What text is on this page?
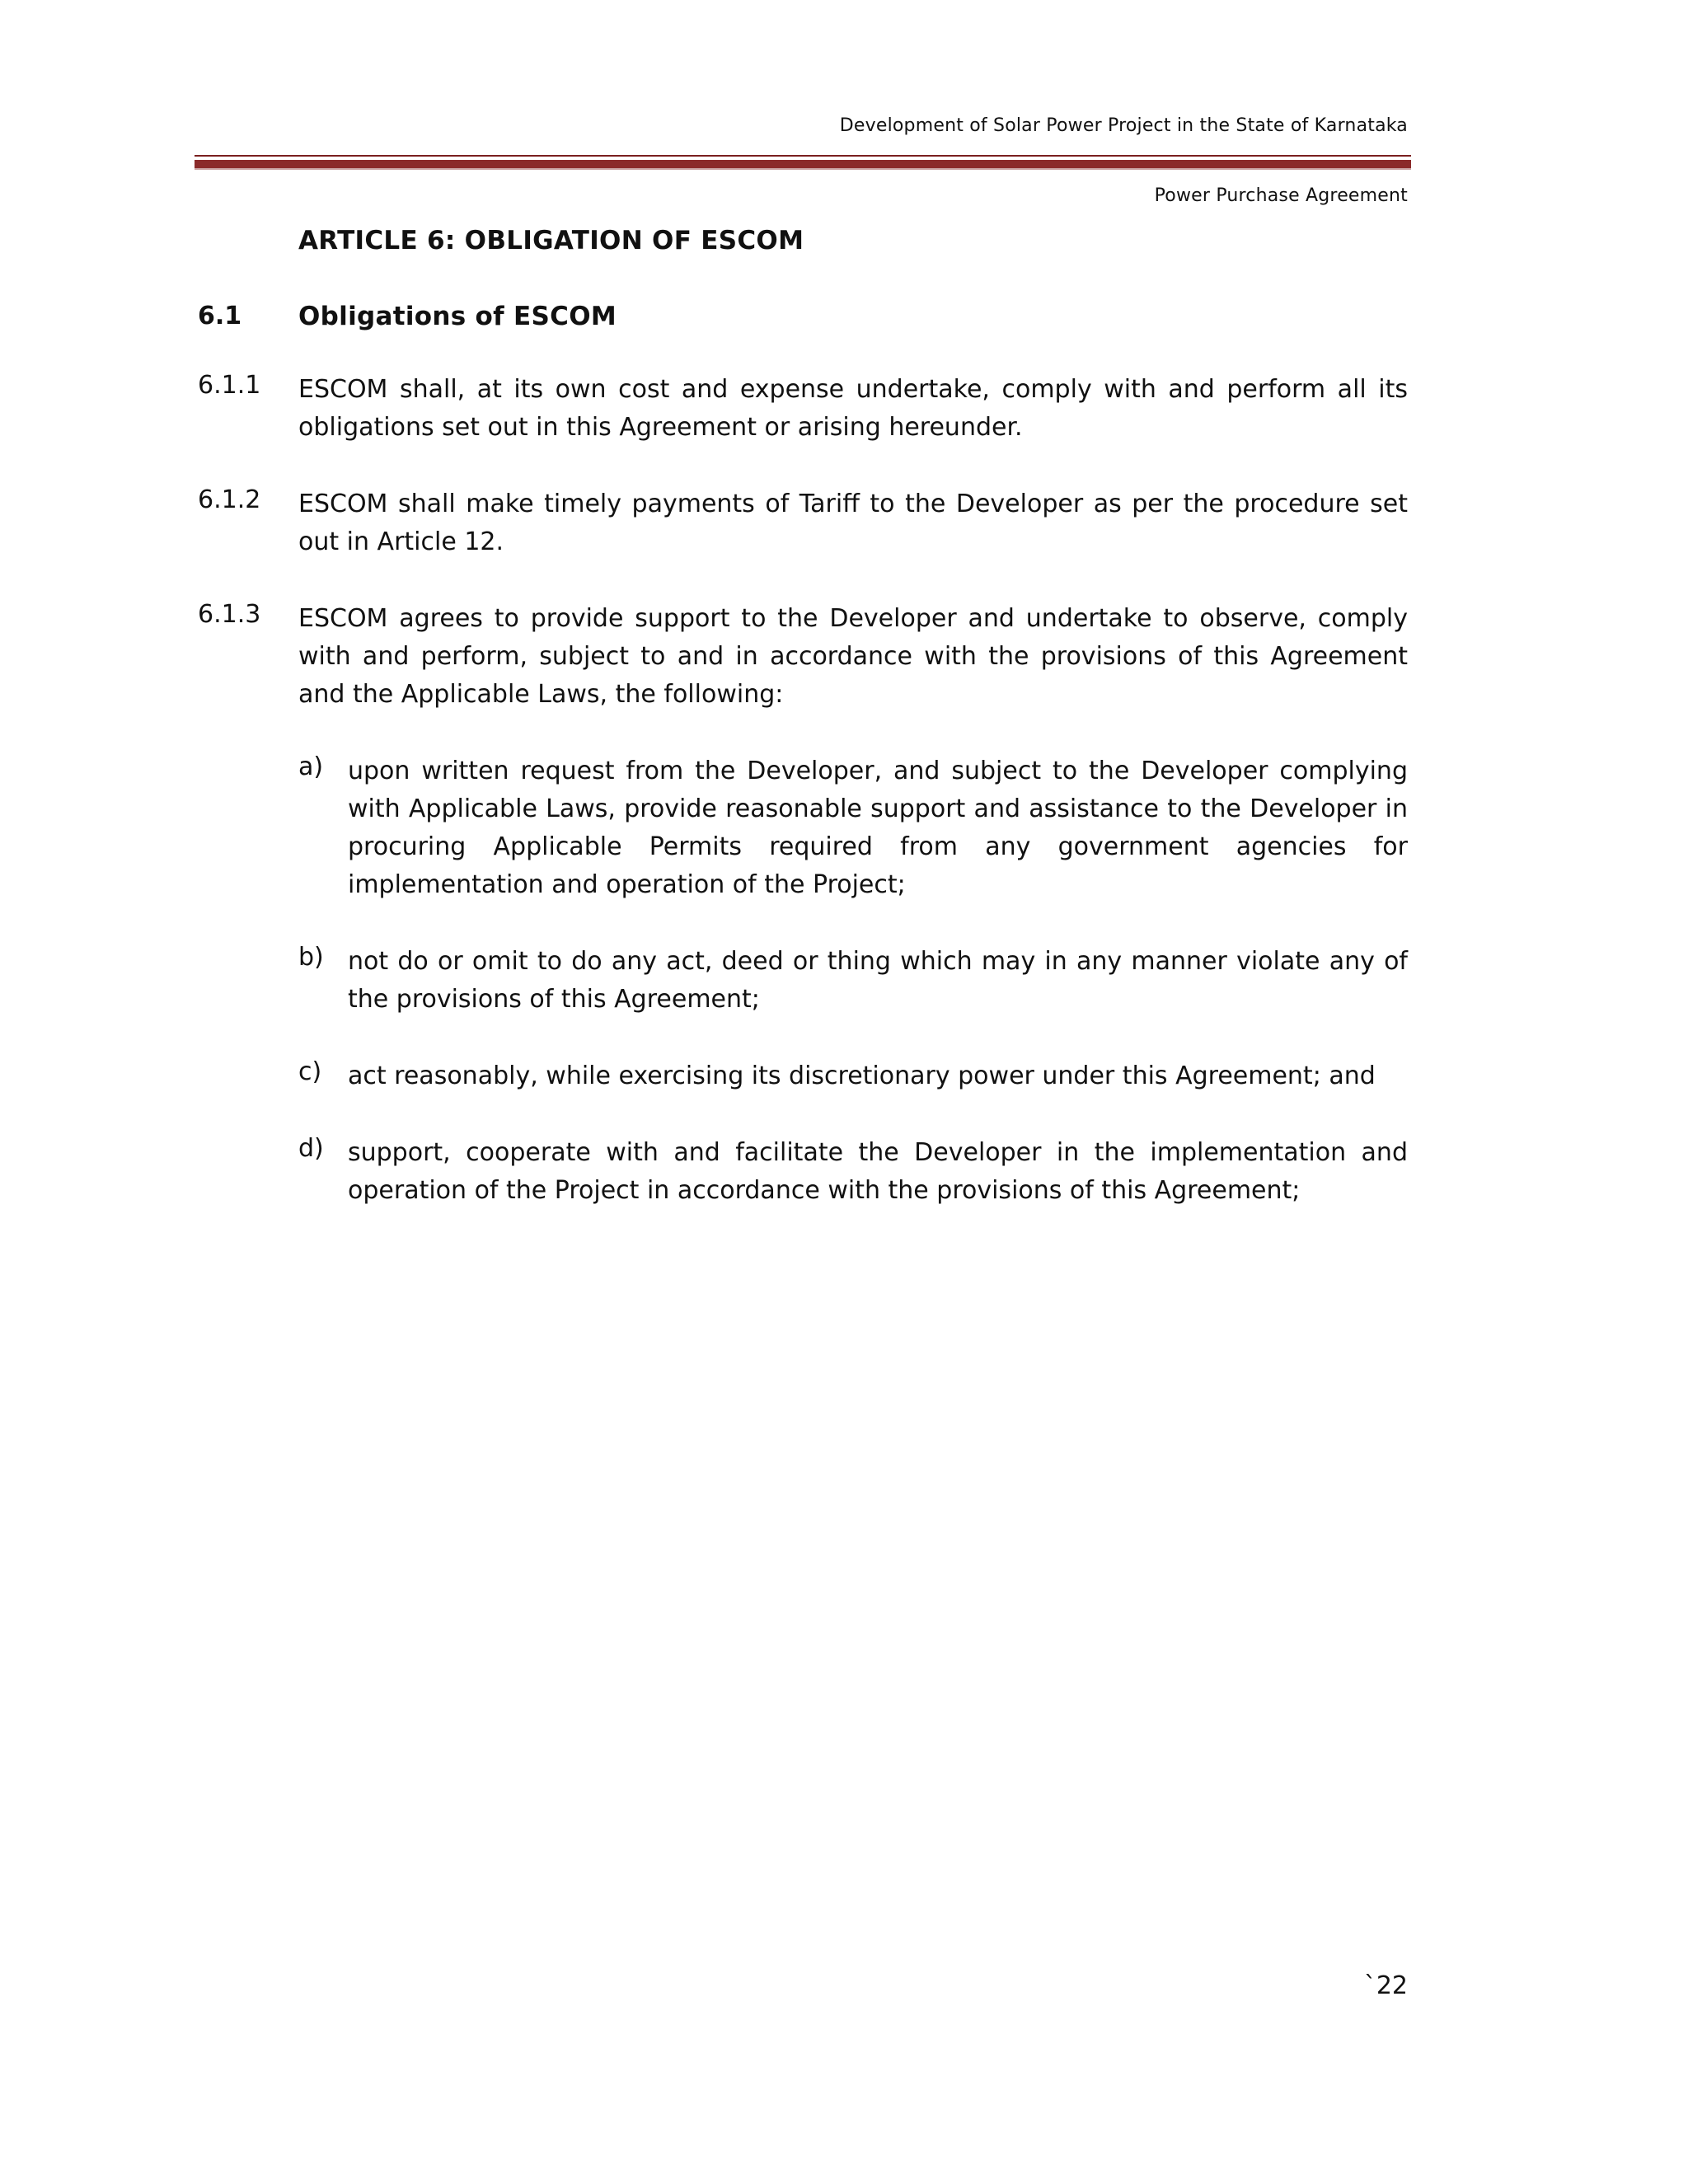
Development of Solar Power Project in the State of Karnataka
Power Purchase Agreement
ARTICLE 6: OBLIGATION OF ESCOM
6.1 Obligations of ESCOM
6.1.1 ESCOM shall, at its own cost and expense undertake, comply with and perform all its obligations set out in this Agreement or arising hereunder.
6.1.2 ESCOM shall make timely payments of Tariff to the Developer as per the procedure set out in Article 12.
6.1.3 ESCOM agrees to provide support to the Developer and undertake to observe, comply with and perform, subject to and in accordance with the provisions of this Agreement and the Applicable Laws, the following:
a) upon written request from the Developer, and subject to the Developer complying with Applicable Laws, provide reasonable support and assistance to the Developer in procuring Applicable Permits required from any government agencies for implementation and operation of the Project;
b) not do or omit to do any act, deed or thing which may in any manner violate any of the provisions of this Agreement;
c) act reasonably, while exercising its discretionary power under this Agreement; and
d) support, cooperate with and facilitate the Developer in the implementation and operation of the Project in accordance with the provisions of this Agreement;
`22
